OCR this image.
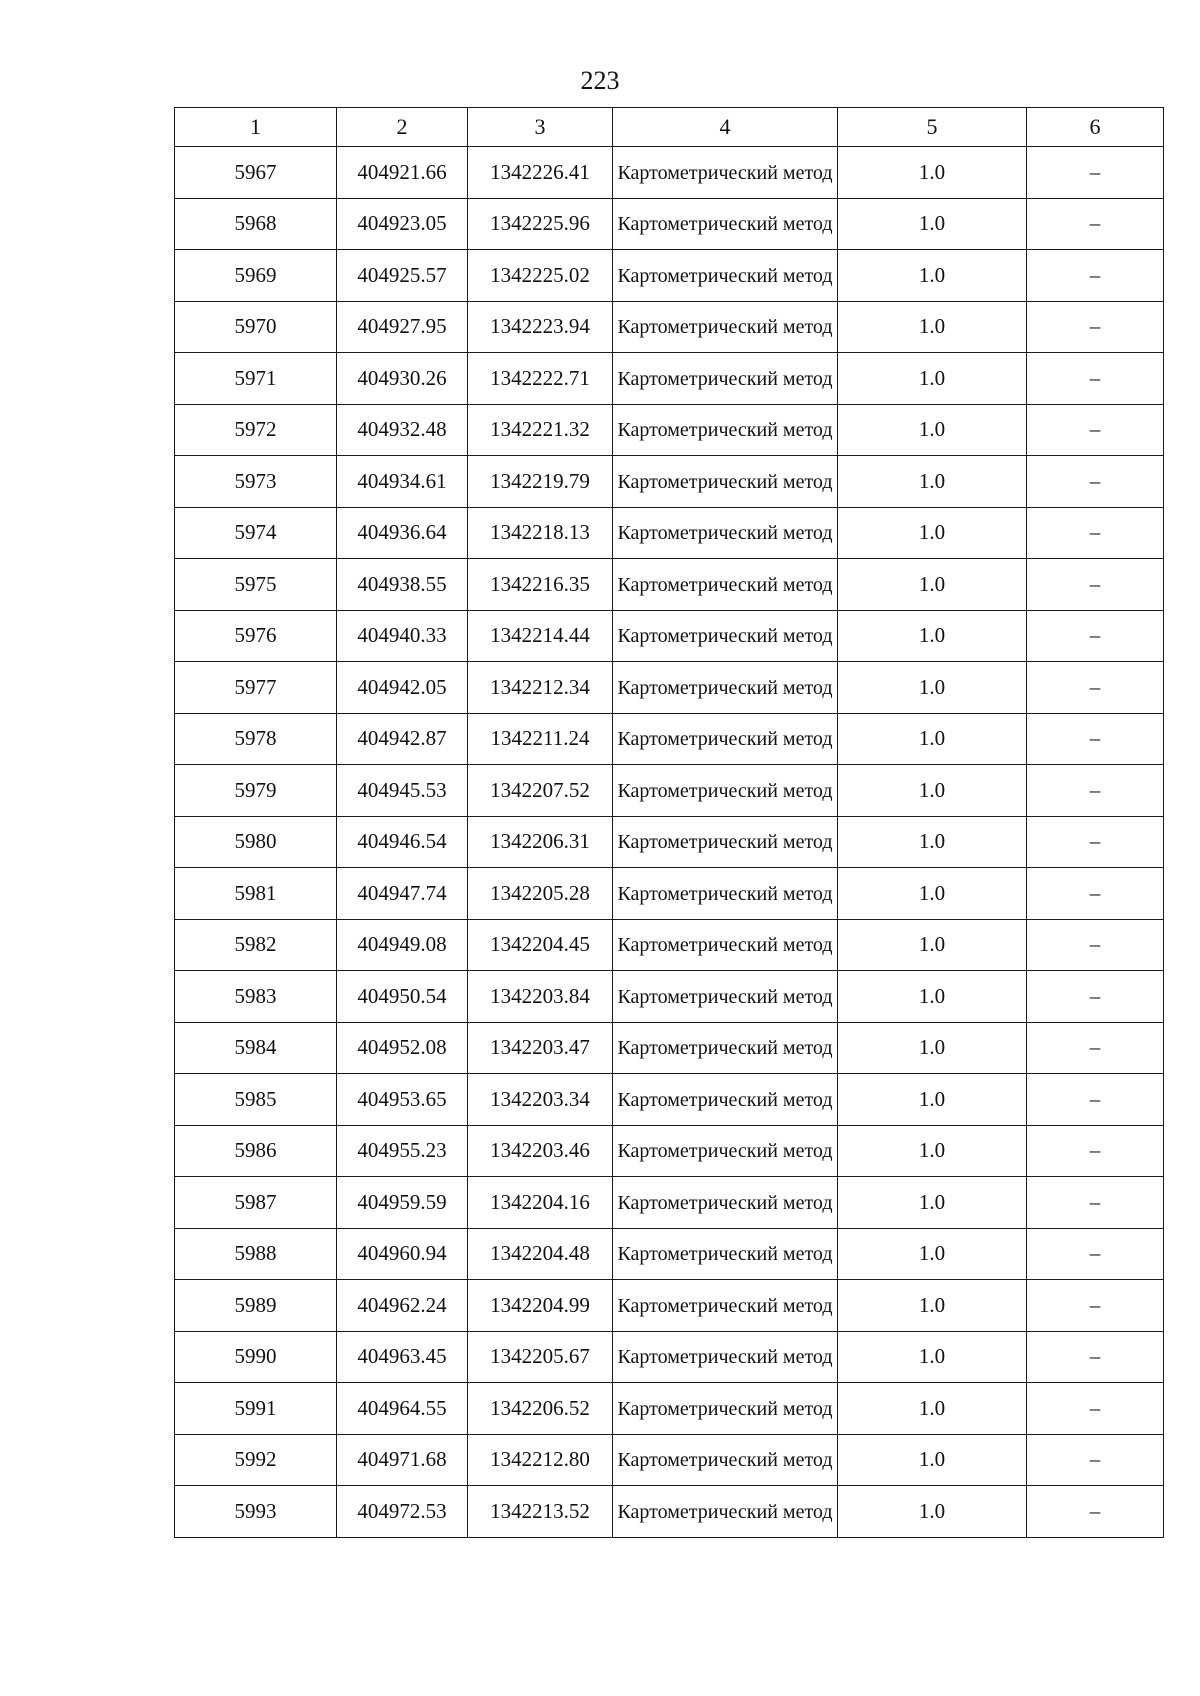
223
1	2	3	4	5	6
5967	404921.66	1342226.41	Картометрический метод	1.0	–
5968	404923.05	1342225.96	Картометрический метод	1.0	–
5969	404925.57	1342225.02	Картометрический метод	1.0	–
5970	404927.95	1342223.94	Картометрический метод	1.0	–
5971	404930.26	1342222.71	Картометрический метод	1.0	–
5972	404932.48	1342221.32	Картометрический метод	1.0	–
5973	404934.61	1342219.79	Картометрический метод	1.0	–
5974	404936.64	1342218.13	Картометрический метод	1.0	–
5975	404938.55	1342216.35	Картометрический метод	1.0	–
5976	404940.33	1342214.44	Картометрический метод	1.0	–
5977	404942.05	1342212.34	Картометрический метод	1.0	–
5978	404942.87	1342211.24	Картометрический метод	1.0	–
5979	404945.53	1342207.52	Картометрический метод	1.0	–
5980	404946.54	1342206.31	Картометрический метод	1.0	–
5981	404947.74	1342205.28	Картометрический метод	1.0	–
5982	404949.08	1342204.45	Картометрический метод	1.0	–
5983	404950.54	1342203.84	Картометрический метод	1.0	–
5984	404952.08	1342203.47	Картометрический метод	1.0	–
5985	404953.65	1342203.34	Картометрический метод	1.0	–
5986	404955.23	1342203.46	Картометрический метод	1.0	–
5987	404959.59	1342204.16	Картометрический метод	1.0	–
5988	404960.94	1342204.48	Картометрический метод	1.0	–
5989	404962.24	1342204.99	Картометрический метод	1.0	–
5990	404963.45	1342205.67	Картометрический метод	1.0	–
5991	404964.55	1342206.52	Картометрический метод	1.0	–
5992	404971.68	1342212.80	Картометрический метод	1.0	–
5993	404972.53	1342213.52	Картометрический метод	1.0	–
